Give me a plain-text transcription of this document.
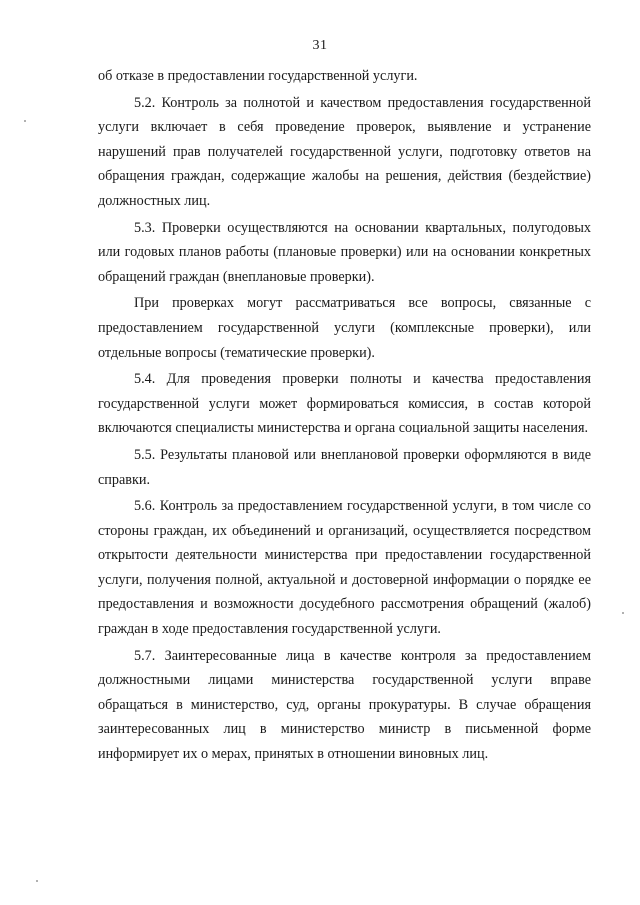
31

об отказе в предоставлении государственной услуги.

5.2. Контроль за полнотой и качеством предоставления государственной услуги включает в себя проведение проверок, выявление и устранение нарушений прав получателей государственной услуги, подготовку ответов на обращения граждан, содержащие жалобы на решения, действия (бездействие) должностных лиц.

5.3. Проверки осуществляются на основании квартальных, полугодовых или годовых планов работы (плановые проверки) или на основании конкретных обращений граждан (внеплановые проверки).

При проверках могут рассматриваться все вопросы, связанные с предоставлением государственной услуги (комплексные проверки), или отдельные вопросы (тематические проверки).

5.4. Для проведения проверки полноты и качества предоставления государственной услуги может формироваться комиссия, в состав которой включаются специалисты министерства и органа социальной защиты населения.

5.5. Результаты плановой или внеплановой проверки оформляются в виде справки.

5.6. Контроль за предоставлением государственной услуги, в том числе со стороны граждан, их объединений и организаций, осуществляется посредством открытости деятельности министерства при предоставлении государственной услуги, получения полной, актуальной и достоверной информации о порядке ее предоставления и возможности досудебного рассмотрения обращений (жалоб) граждан в ходе предоставления государственной услуги.

5.7. Заинтересованные лица в качестве контроля за предоставлением должностными лицами министерства государственной услуги вправе обращаться в министерство, суд, органы прокуратуры. В случае обращения заинтересованных лиц в министерство министр в письменной форме информирует их о мерах, принятых в отношении виновных лиц.
